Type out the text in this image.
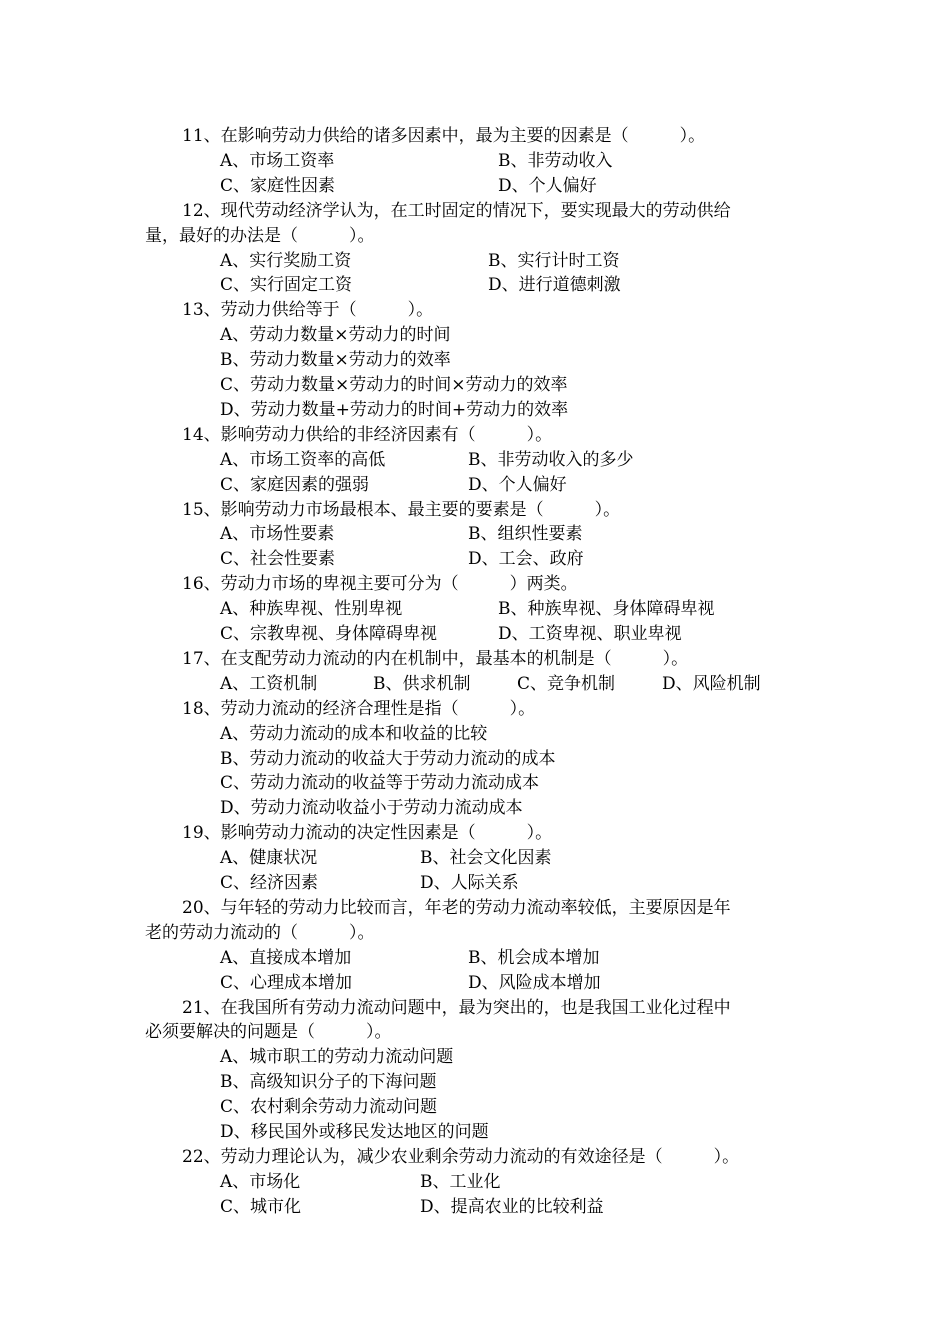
11、在影响劳动力供给的诸多因素中，最为主要的因素是（　　　）。
A、市场工资率	B、非劳动收入
C、家庭性因素	D、个人偏好
12、现代劳动经济学认为，在工时固定的情况下，要实现最大的劳动供给
量，最好的办法是（　　　）。
A、实行奖励工资	B、实行计时工资
C、实行固定工资	D、进行道德刺激
13、劳动力供给等于（　　　）。
A、劳动力数量×劳动力的时间
B、劳动力数量×劳动力的效率
C、劳动力数量×劳动力的时间×劳动力的效率
D、劳动力数量+劳动力的时间+劳动力的效率
14、影响劳动力供给的非经济因素有（　　　）。
A、市场工资率的高低	B、非劳动收入的多少
C、家庭因素的强弱	D、个人偏好
15、影响劳动力市场最根本、最主要的要素是（　　　）。
A、市场性要素	B、组织性要素
C、社会性要素	D、工会、政府
16、劳动力市场的卑视主要可分为（　　　）两类。
A、种族卑视、性别卑视	B、种族卑视、身体障碍卑视
C、宗教卑视、身体障碍卑视	D、工资卑视、职业卑视
17、在支配劳动力流动的内在机制中，最基本的机制是（　　　）。
A、工资机制	B、供求机制	C、竞争机制	D、风险机制
18、劳动力流动的经济合理性是指（　　　）。
A、劳动力流动的成本和收益的比较
B、劳动力流动的收益大于劳动力流动的成本
C、劳动力流动的收益等于劳动力流动成本
D、劳动力流动收益小于劳动力流动成本
19、影响劳动力流动的决定性因素是（　　　）。
A、健康状况	B、社会文化因素
C、经济因素	D、人际关系
20、与年轻的劳动力比较而言，年老的劳动力流动率较低，主要原因是年
老的劳动力流动的（　　　）。
A、直接成本增加	B、机会成本增加
C、心理成本增加	D、风险成本增加
21、在我国所有劳动力流动问题中，最为突出的，也是我国工业化过程中
必须要解决的问题是（　　　）。
A、城市职工的劳动力流动问题
B、高级知识分子的下海问题
C、农村剩余劳动力流动问题
D、移民国外或移民发达地区的问题
22、劳动力理论认为，减少农业剩余劳动力流动的有效途径是（　　　）。
A、市场化	B、工业化
C、城市化	D、提高农业的比较利益
